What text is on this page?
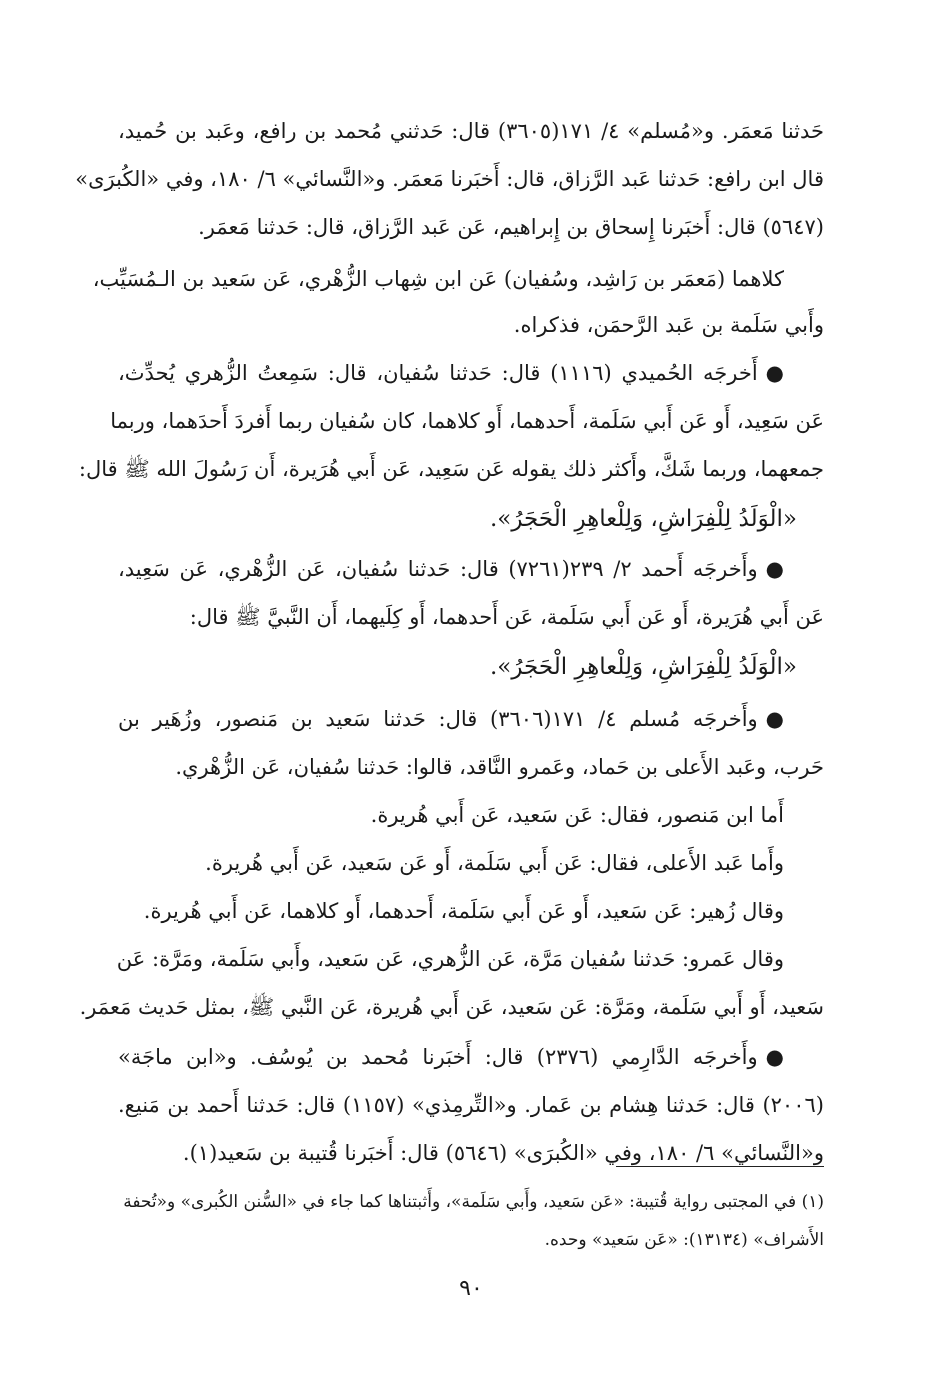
حَدثنا مَعمَر. و«مُسلم» ٤/ ١٧١(٣٦٠٥) قال: حَدثني مُحمد بن رافع، وعَبد بن حُميد،
قال ابن رافع: حَدثنا عَبد الرَّزاق، قال: أَخبَرنا مَعمَر. و«النَّسائي» ٦/ ١٨٠، وفي «الكُبرَى»
(٥٦٤٧) قال: أَخبَرنا إِسحاق بن إِبراهيم، عَن عَبد الرَّزاق، قال: حَدثنا مَعمَر.
كلاهما (مَعمَر بن رَاشِد، وسُفيان) عَن ابن شِهاب الزُّهْري، عَن سَعيد بن الـمُسَيِّب،
وأَبي سَلَمة بن عَبد الرَّحمَن، فذكراه.
●أَخرجَه الحُميدي (١١١٦) قال: حَدثنا سُفيان، قال: سَمِعتُ الزُّهري يُحدِّث،
عَن سَعِيد، أَو عَن أَبي سَلَمة، أَحدهما، أَو كلاهما، كان سُفيان ربما أَفردَ أَحدَهما، وربما
جمعهما، وربما شَكَّ، وأَكثر ذلك يقوله عَن سَعِيد، عَن أَبي هُرَيرة، أَن رَسُولَ الله ﷺ قال:
«الْوَلَدُ لِلْفِرَاشِ، وَلِلْعاهِرِ الْحَجَرُ».
●وأَخرجَه أَحمد ٢/ ٢٣٩(٧٢٦١) قال: حَدثنا سُفيان، عَن الزُّهْري، عَن سَعِيد،
عَن أَبي هُرَيرة، أَو عَن أَبي سَلَمة، عَن أَحدهما، أَو كِلَيهما، أَن النَّبيَّ ﷺ قال:
«الْوَلَدُ لِلْفِرَاشِ، وَلِلْعاهِرِ الْحَجَرُ».
●وأَخرجَه مُسلم ٤/ ١٧١(٣٦٠٦) قال: حَدثنا سَعيد بن مَنصور، وزُهَير بن
حَرب، وعَبد الأَعلى بن حَماد، وعَمرو النَّاقد، قالوا: حَدثنا سُفيان، عَن الزُّهْري.
أَما ابن مَنصور، فقال: عَن سَعيد، عَن أَبي هُريرة.
وأَما عَبد الأَعلى، فقال: عَن أَبي سَلَمة، أَو عَن سَعيد، عَن أَبي هُريرة.
وقال زُهير: عَن سَعيد، أَو عَن أَبي سَلَمة، أَحدهما، أَو كلاهما، عَن أَبي هُريرة.
وقال عَمرو: حَدثنا سُفيان مَرَّة، عَن الزُّهري، عَن سَعيد، وأَبي سَلَمة، ومَرَّة: عَن
سَعيد، أَو أَبي سَلَمة، ومَرَّة: عَن سَعيد، عَن أَبي هُريرة، عَن النَّبي ﷺ، بمثل حَديث مَعمَر.
●وأَخرجَه الدَّارِمي (٢٣٧٦) قال: أَخبَرنا مُحمد بن يُوسُف. و«ابن ماجَة»
(٢٠٠٦) قال: حَدثنا هِشام بن عَمار. و«التِّرمِذي» (١١٥٧) قال: حَدثنا أَحمد بن مَنيع.
و«النَّسائي» ٦/ ١٨٠، وفي «الكُبرَى» (٥٦٤٦) قال: أَخبَرنا قُتيبة بن سَعيد(١).
(١) في المجتبى رواية قُتيبة: «عَن سَعيد، وأَبي سَلَمة»، وأَثبتناها كما جاء في «السُّنن الكُبرى» و«تُحفة
الأَشراف» (١٣١٣٤): «عَن سَعيد» وحده.
٩٠
